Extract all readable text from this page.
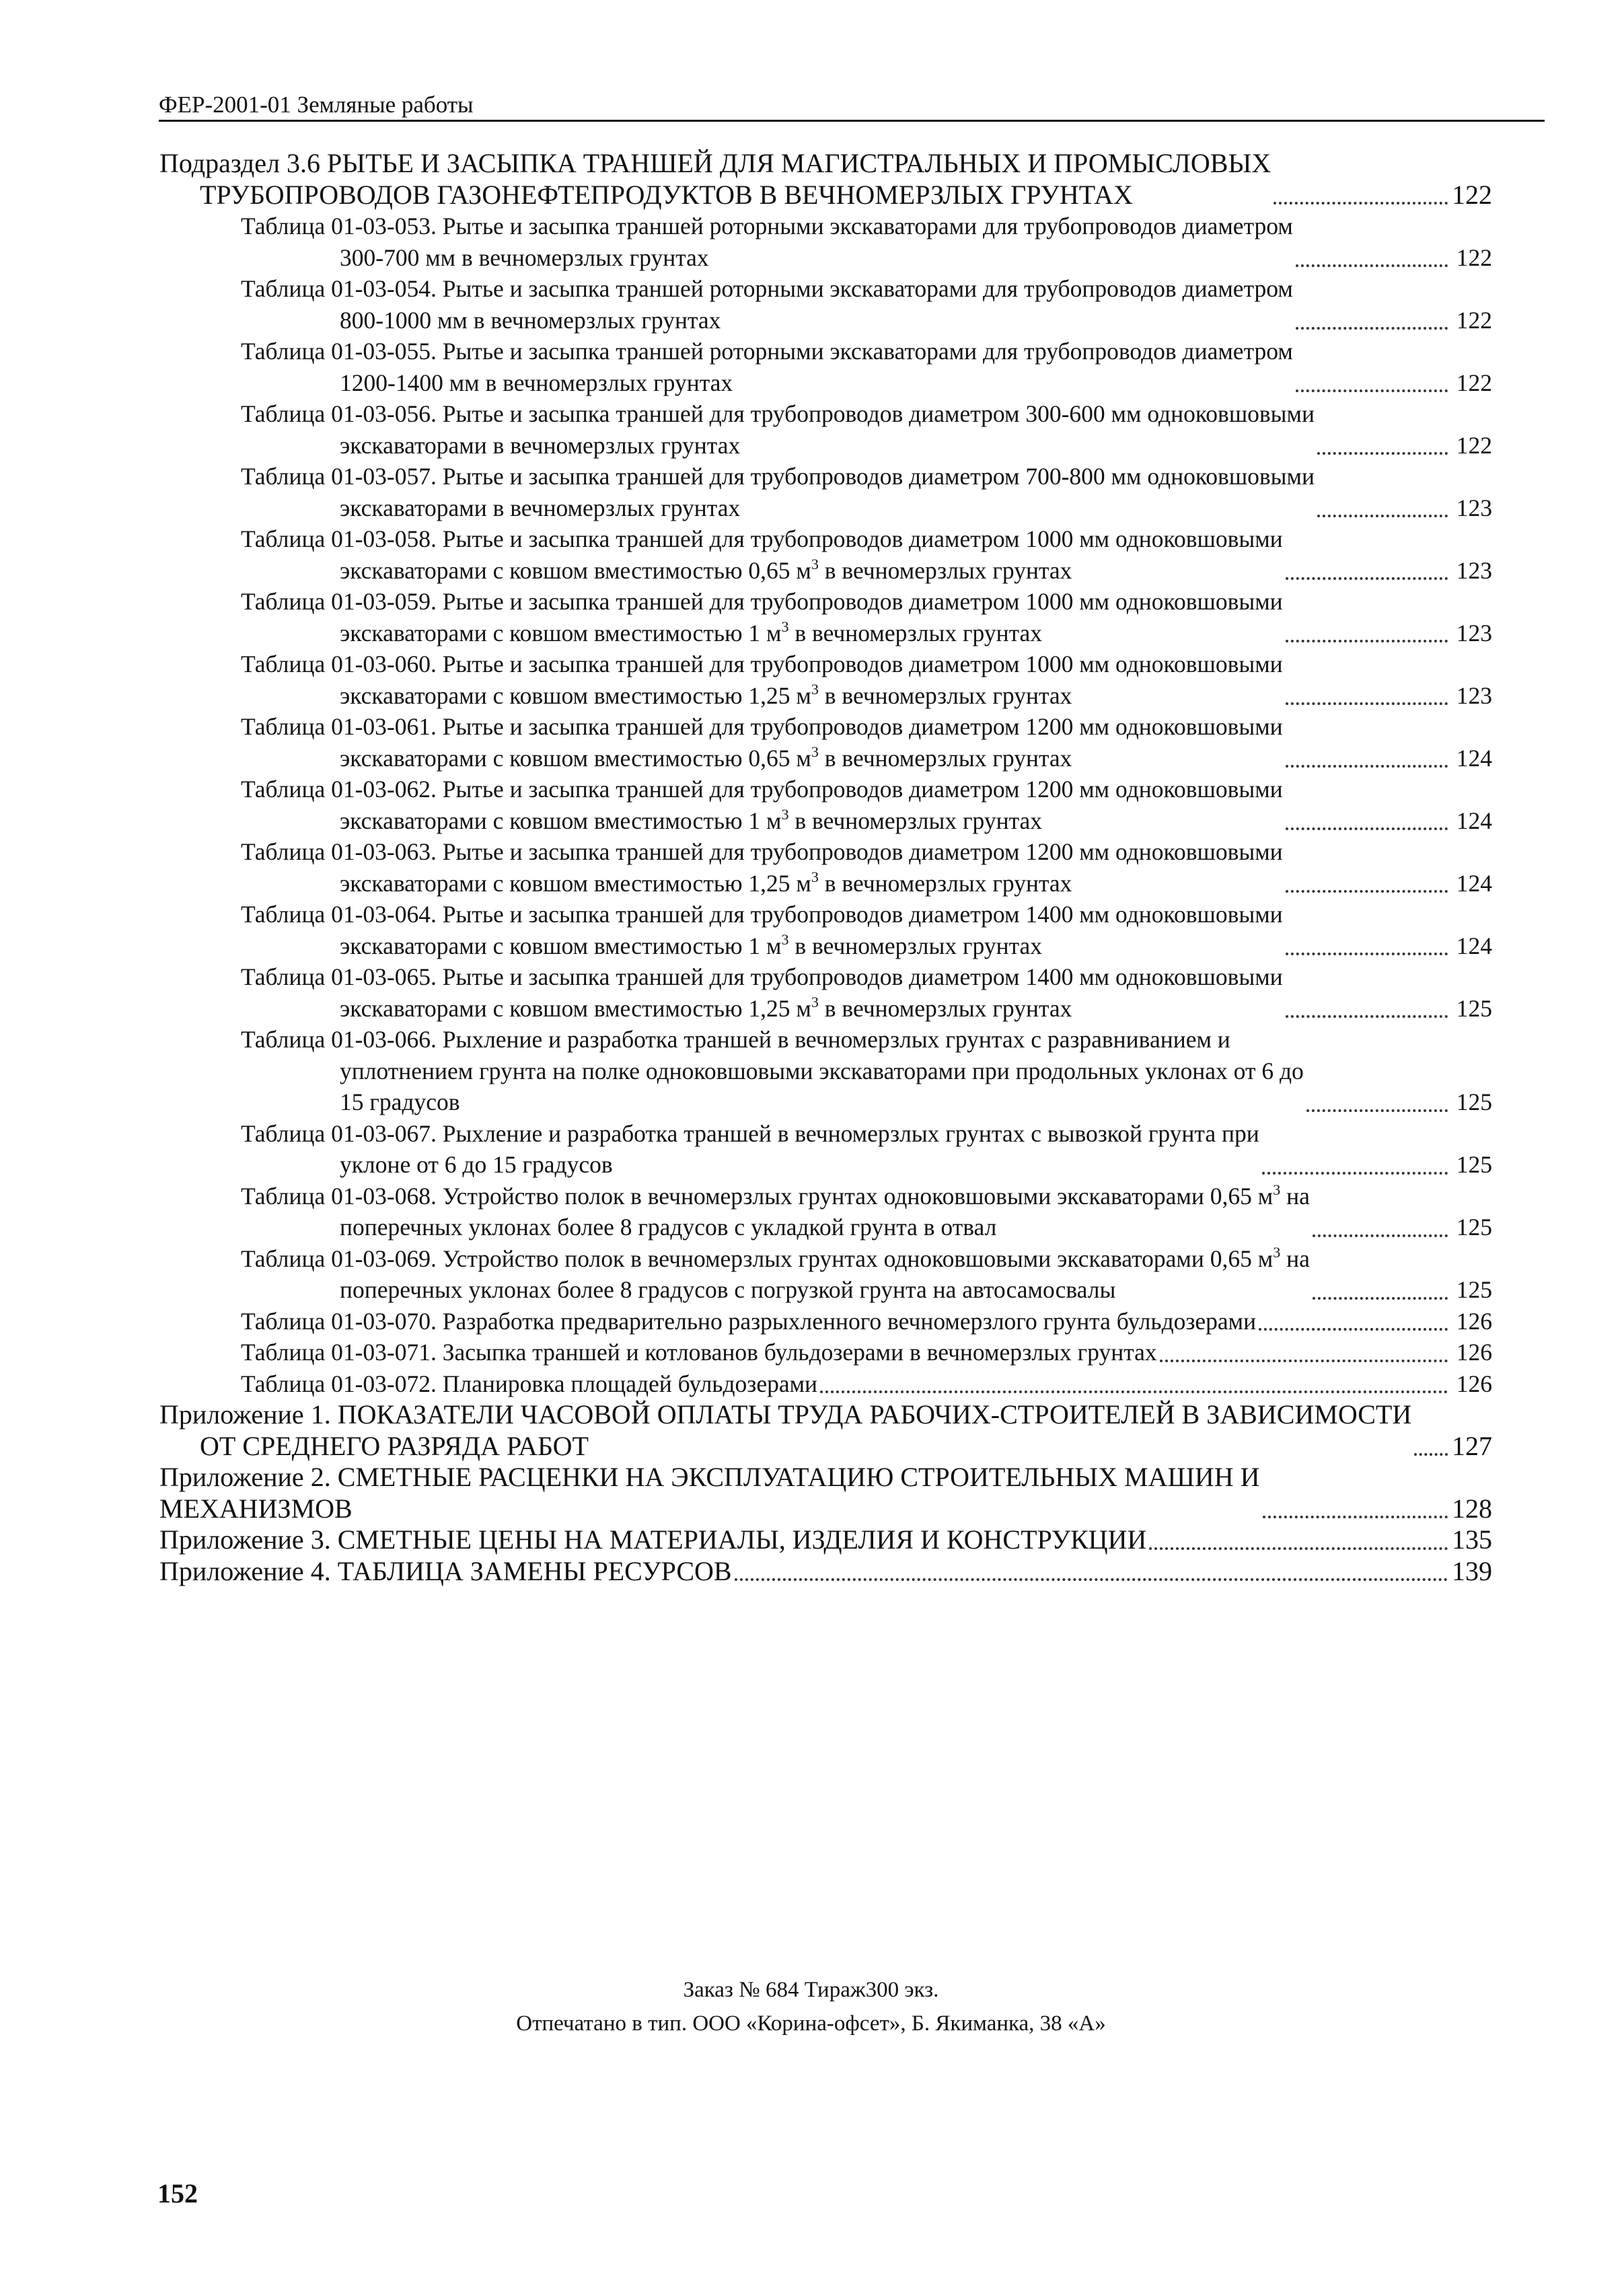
ФЕР-2001-01 Земляные работы
Подраздел 3.6 РЫТЬЕ И ЗАСЫПКА ТРАНШЕЙ ДЛЯ МАГИСТРАЛЬНЫХ И ПРОМЫСЛОВЫХ
ТРУБОПРОВОДОВ ГАЗОНЕФТЕПРОДУКТОВ В ВЕЧНОМЕРЗЛЫХ ГРУНТАХ	122
Таблица 01-03-053. Рытье и засыпка траншей роторными экскаваторами для трубопроводов диаметром
300-700 мм в вечномерзлых грунтах	122
Таблица 01-03-054. Рытье и засыпка траншей роторными экскаваторами для трубопроводов диаметром
800-1000 мм в вечномерзлых грунтах	122
Таблица 01-03-055. Рытье и засыпка траншей роторными экскаваторами для трубопроводов диаметром
1200-1400 мм в вечномерзлых грунтах	122
Таблица 01-03-056. Рытье и засыпка траншей для трубопроводов диаметром 300-600 мм одноковшовыми
экскаваторами в вечномерзлых грунтах	122
Таблица 01-03-057. Рытье и засыпка траншей для трубопроводов диаметром 700-800 мм одноковшовыми
экскаваторами в вечномерзлых грунтах	123
Таблица 01-03-058. Рытье и засыпка траншей для трубопроводов диаметром 1000 мм одноковшовыми
экскаваторами с ковшом вместимостью 0,65 $м^3$ в вечномерзлых грунтах	123
Таблица 01-03-059. Рытье и засыпка траншей для трубопроводов диаметром 1000 мм одноковшовыми
экскаваторами с ковшом вместимостью 1 $м^3$ в вечномерзлых грунтах	123
Таблица 01-03-060. Рытье и засыпка траншей для трубопроводов диаметром 1000 мм одноковшовыми
экскаваторами с ковшом вместимостью 1,25 $м^3$ в вечномерзлых грунтах	123
Таблица 01-03-061. Рытье и засыпка траншей для трубопроводов диаметром 1200 мм одноковшовыми
экскаваторами с ковшом вместимостью 0,65 $м^3$ в вечномерзлых грунтах	124
Таблица 01-03-062. Рытье и засыпка траншей для трубопроводов диаметром 1200 мм одноковшовыми
экскаваторами с ковшом вместимостью 1 $м^3$ в вечномерзлых грунтах	124
Таблица 01-03-063. Рытье и засыпка траншей для трубопроводов диаметром 1200 мм одноковшовыми
экскаваторами с ковшом вместимостью 1,25 $м^3$ в вечномерзлых грунтах	124
Таблица 01-03-064. Рытье и засыпка траншей для трубопроводов диаметром 1400 мм одноковшовыми
экскаваторами с ковшом вместимостью 1 $м^3$ в вечномерзлых грунтах	124
Таблица 01-03-065. Рытье и засыпка траншей для трубопроводов диаметром 1400 мм одноковшовыми
экскаваторами с ковшом вместимостью 1,25 $м^3$ в вечномерзлых грунтах	125
Таблица 01-03-066. Рыхление и разработка траншей в вечномерзлых грунтах с разравниванием и
уплотнением грунта на полке одноковшовыми экскаваторами при продольных уклонах от 6 до
15 градусов	125
Таблица 01-03-067. Рыхление и разработка траншей в вечномерзлых грунтах с вывозкой грунта при
уклоне от 6 до 15 градусов	125
Таблица 01-03-068. Устройство полок в вечномерзлых грунтах одноковшовыми экскаваторами 0,65 $м^3$ на
поперечных уклонах более 8 градусов с укладкой грунта в отвал	125
Таблица 01-03-069. Устройство полок в вечномерзлых грунтах одноковшовыми экскаваторами 0,65 $м^3$ на
поперечных уклонах более 8 градусов с погрузкой грунта на автосамосвалы	125
Таблица 01-03-070. Разработка предварительно разрыхленного вечномерзлого грунта бульдозерами	126
Таблица 01-03-071. Засыпка траншей и котлованов бульдозерами в вечномерзлых грунтах	126
Таблица 01-03-072. Планировка площадей бульдозерами	126
Приложение 1. ПОКАЗАТЕЛИ ЧАСОВОЙ ОПЛАТЫ ТРУДА РАБОЧИХ-СТРОИТЕЛЕЙ В ЗАВИСИМОСТИ
ОТ СРЕДНЕГО РАЗРЯДА РАБОТ	127
Приложение 2. СМЕТНЫЕ РАСЦЕНКИ НА ЭКСПЛУАТАЦИЮ СТРОИТЕЛЬНЫХ МАШИН И
МЕХАНИЗМОВ	128
Приложение 3. СМЕТНЫЕ ЦЕНЫ НА МАТЕРИАЛЫ, ИЗДЕЛИЯ И КОНСТРУКЦИИ	135
Приложение 4. ТАБЛИЦА ЗАМЕНЫ РЕСУРСОВ	139
Заказ № 684 Тираж300 экз.
Отпечатано в тип. ООО «Корина-офсет», Б. Якиманка, 38 «А»
152
